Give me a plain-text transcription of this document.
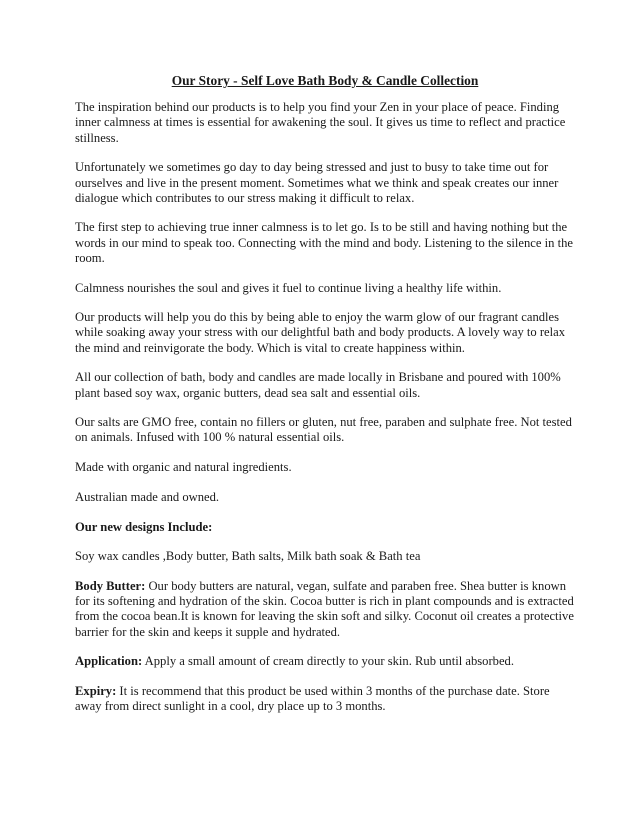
Our Story - Self Love Bath Body & Candle Collection

The inspiration behind our products is to help you find your Zen in your place of peace. Finding inner calmness at times is essential for awakening the soul. It gives us time to reflect and practice stillness.

Unfortunately we sometimes go day to day being stressed and just to busy to take time out for ourselves and live in the present moment. Sometimes what we think and speak creates our inner dialogue which contributes to our stress making it difficult to relax.

The first step to achieving true inner calmness is to let go. Is to be still and having nothing but the words in our mind to speak too. Connecting with the mind and body. Listening to the silence in the room.

Calmness nourishes the soul and gives it fuel to continue living a healthy life within.

Our products will help you do this by being able to enjoy the warm glow of our fragrant candles while soaking away your stress with our delightful bath and body products. A lovely way to relax the mind and reinvigorate the body. Which is vital to create happiness within.

All our collection of bath, body and candles are made locally in Brisbane and poured with 100% plant based soy wax, organic butters, dead sea salt and essential oils.

Our salts are GMO free, contain no fillers or gluten, nut free, paraben and sulphate free. Not tested on animals. Infused with 100 % natural essential oils.

Made with organic and natural ingredients.

Australian made and owned.

Our new designs Include:

Soy wax candles ,Body butter, Bath salts, Milk bath soak & Bath tea

Body Butter: Our body butters are natural, vegan, sulfate and paraben free. Shea butter is known for its softening and hydration of the skin. Cocoa butter is rich in plant compounds and is extracted from the cocoa bean.It is known for leaving the skin soft and silky. Coconut oil creates a protective barrier for the skin and keeps it supple and hydrated.

Application: Apply a small amount of cream directly to your skin. Rub until absorbed.

Expiry: It is recommend that this product be used within 3 months of the purchase date. Store away from direct sunlight in a cool, dry place up to 3 months.
